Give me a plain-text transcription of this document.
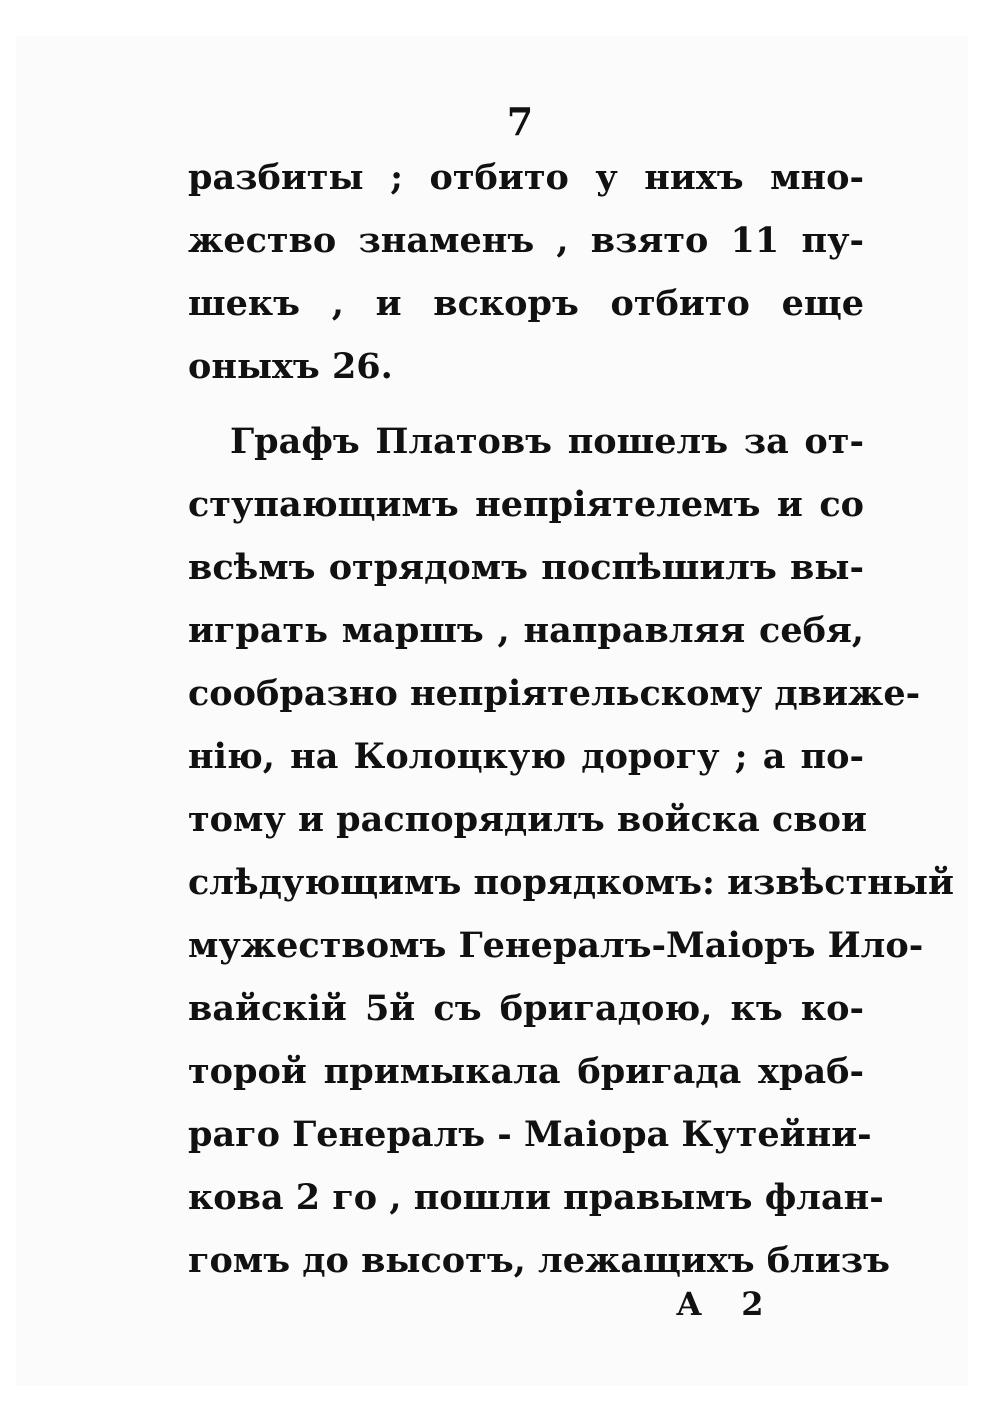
7
разбиты ; отбито у нихъ мно-
жество знаменъ , взято 11 пу-
шекъ , и вскоръ отбито еще
оныхъ 26.
Графъ Платовъ пошелъ за от-
ступающимъ непріятелемъ и со
всѣмъ отрядомъ поспѣшилъ вы-
играть маршъ , направляя себя,
сообразно непріятельскому движе-
нію, на Колоцкую дорогу ; а по-
тому и распорядилъ войска свои
слѣдующимъ порядкомъ: извѣстный
мужествомъ Генералъ-Маіоръ Ило-
вайскій 5й съ бригадою, къ ко-
торой примыкала бригада храб-
раго Генералъ - Маіора Кутейни-
кова 2 го , пошли правымъ флан-
гомъ до высотъ, лежащихъ близъ
А 2
